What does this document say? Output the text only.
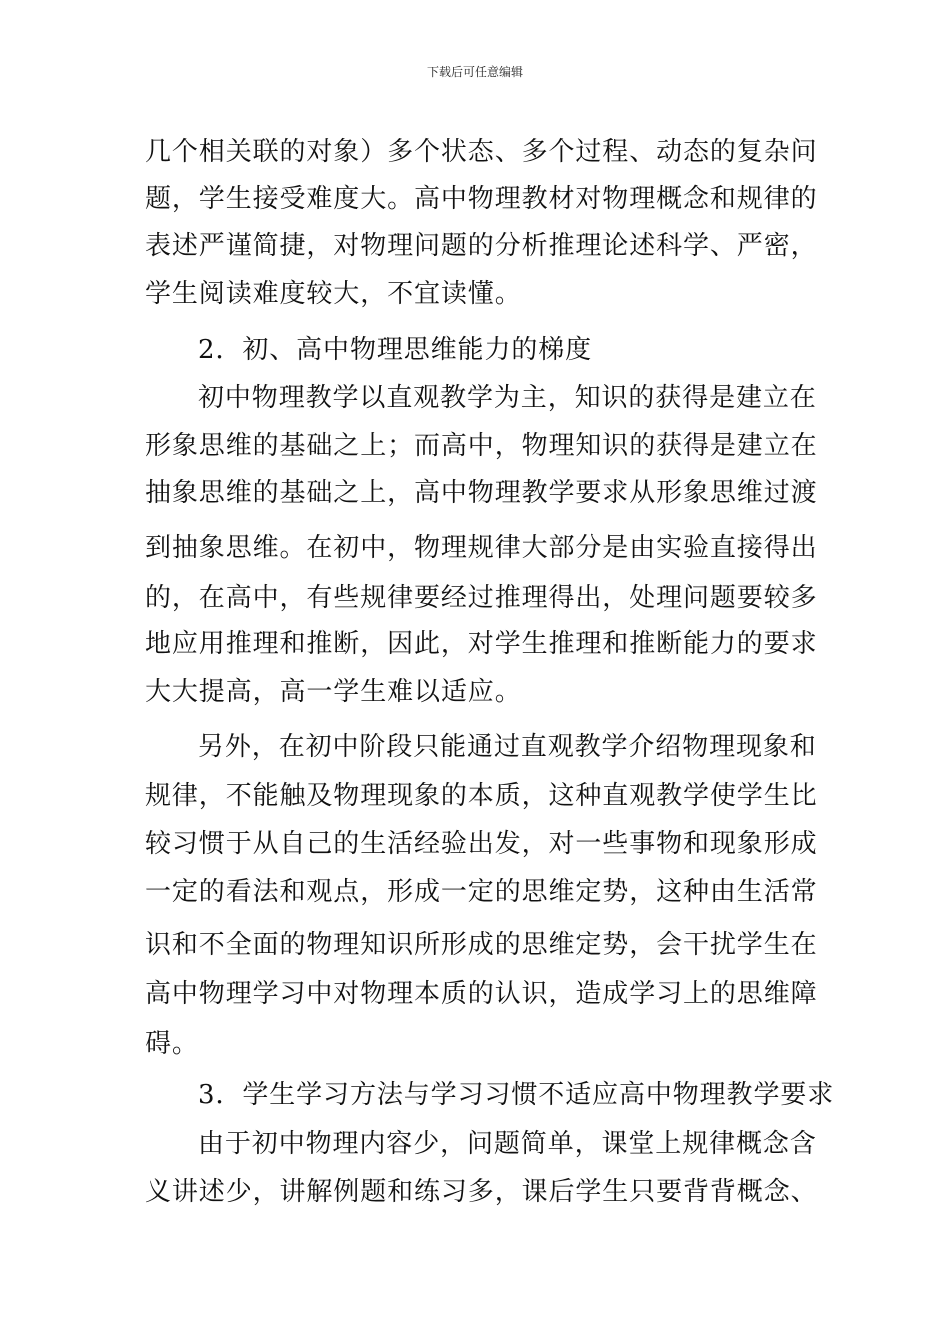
下载后可任意编辑
几个相关联的对象）多个状态、多个过程、动态的复杂问
题，学生接受难度大。高中物理教材对物理概念和规律的
表述严谨简捷，对物理问题的分析推理论述科学、严密，
学生阅读难度较大，不宜读懂。
2．初、高中物理思维能力的梯度
初中物理教学以直观教学为主，知识的获得是建立在
形象思维的基础之上；而高中，物理知识的获得是建立在
抽象思维的基础之上，高中物理教学要求从形象思维过渡
到抽象思维。在初中，物理规律大部分是由实验直接得出
的，在高中，有些规律要经过推理得出，处理问题要较多
地应用推理和推断，因此，对学生推理和推断能力的要求
大大提高，高一学生难以适应。
另外，在初中阶段只能通过直观教学介绍物理现象和
规律，不能触及物理现象的本质，这种直观教学使学生比
较习惯于从自己的生活经验出发，对一些事物和现象形成
一定的看法和观点，形成一定的思维定势，这种由生活常
识和不全面的物理知识所形成的思维定势，会干扰学生在
高中物理学习中对物理本质的认识，造成学习上的思维障
碍。
3．学生学习方法与学习习惯不适应高中物理教学要求
由于初中物理内容少，问题简单，课堂上规律概念含
义讲述少，讲解例题和练习多，课后学生只要背背概念、
